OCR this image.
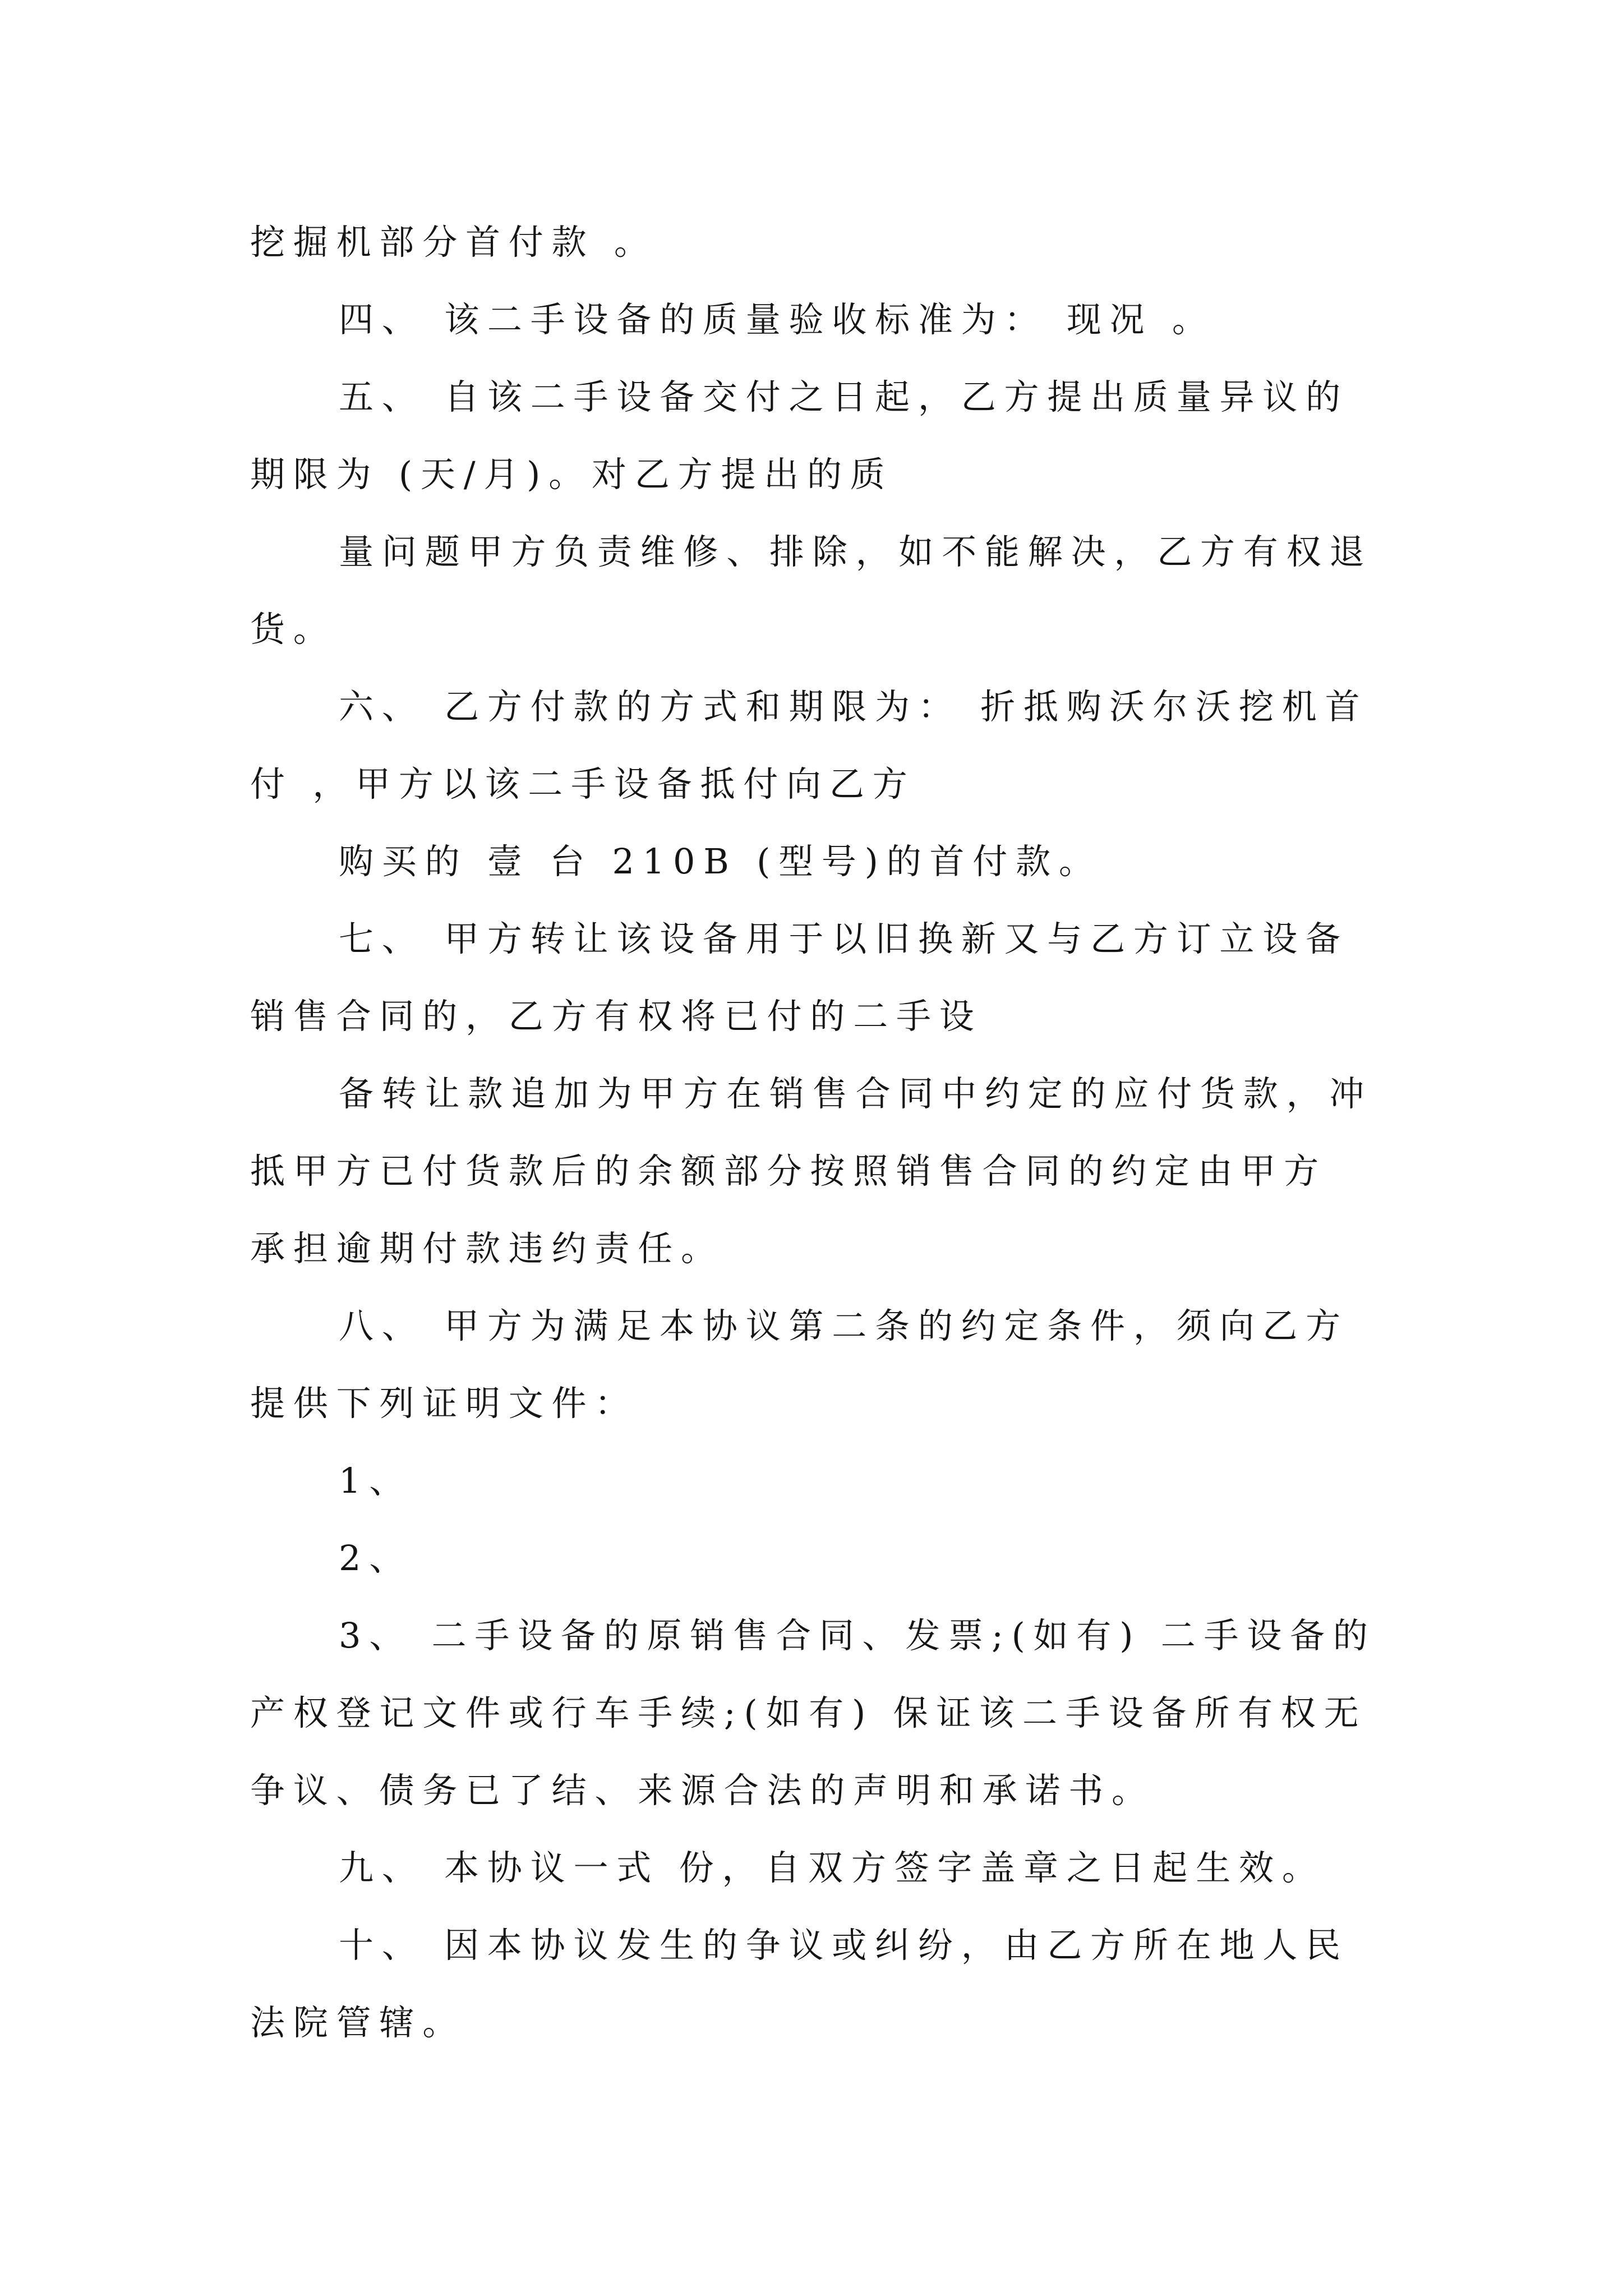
挖掘机部分首付款 。

四、 该二手设备的质量验收标准为： 现况 。

五、 自该二手设备交付之日起，乙方提出质量异议的

期限为 (天/月)。对乙方提出的质

量问题甲方负责维修、排除，如不能解决，乙方有权退

货。

六、 乙方付款的方式和期限为： 折抵购沃尔沃挖机首

付 ，甲方以该二手设备抵付向乙方

购买的 壹 台 210B (型号)的首付款。

七、 甲方转让该设备用于以旧换新又与乙方订立设备

销售合同的，乙方有权将已付的二手设

备转让款追加为甲方在销售合同中约定的应付货款，冲

抵甲方已付货款后的余额部分按照销售合同的约定由甲方

承担逾期付款违约责任。

八、 甲方为满足本协议第二条的约定条件，须向乙方

提供下列证明文件：

1、

2、

3、 二手设备的原销售合同、发票;(如有) 二手设备的

产权登记文件或行车手续;(如有) 保证该二手设备所有权无

争议、债务已了结、来源合法的声明和承诺书。

九、 本协议一式 份，自双方签字盖章之日起生效。

十、 因本协议发生的争议或纠纷，由乙方所在地人民

法院管辖。
